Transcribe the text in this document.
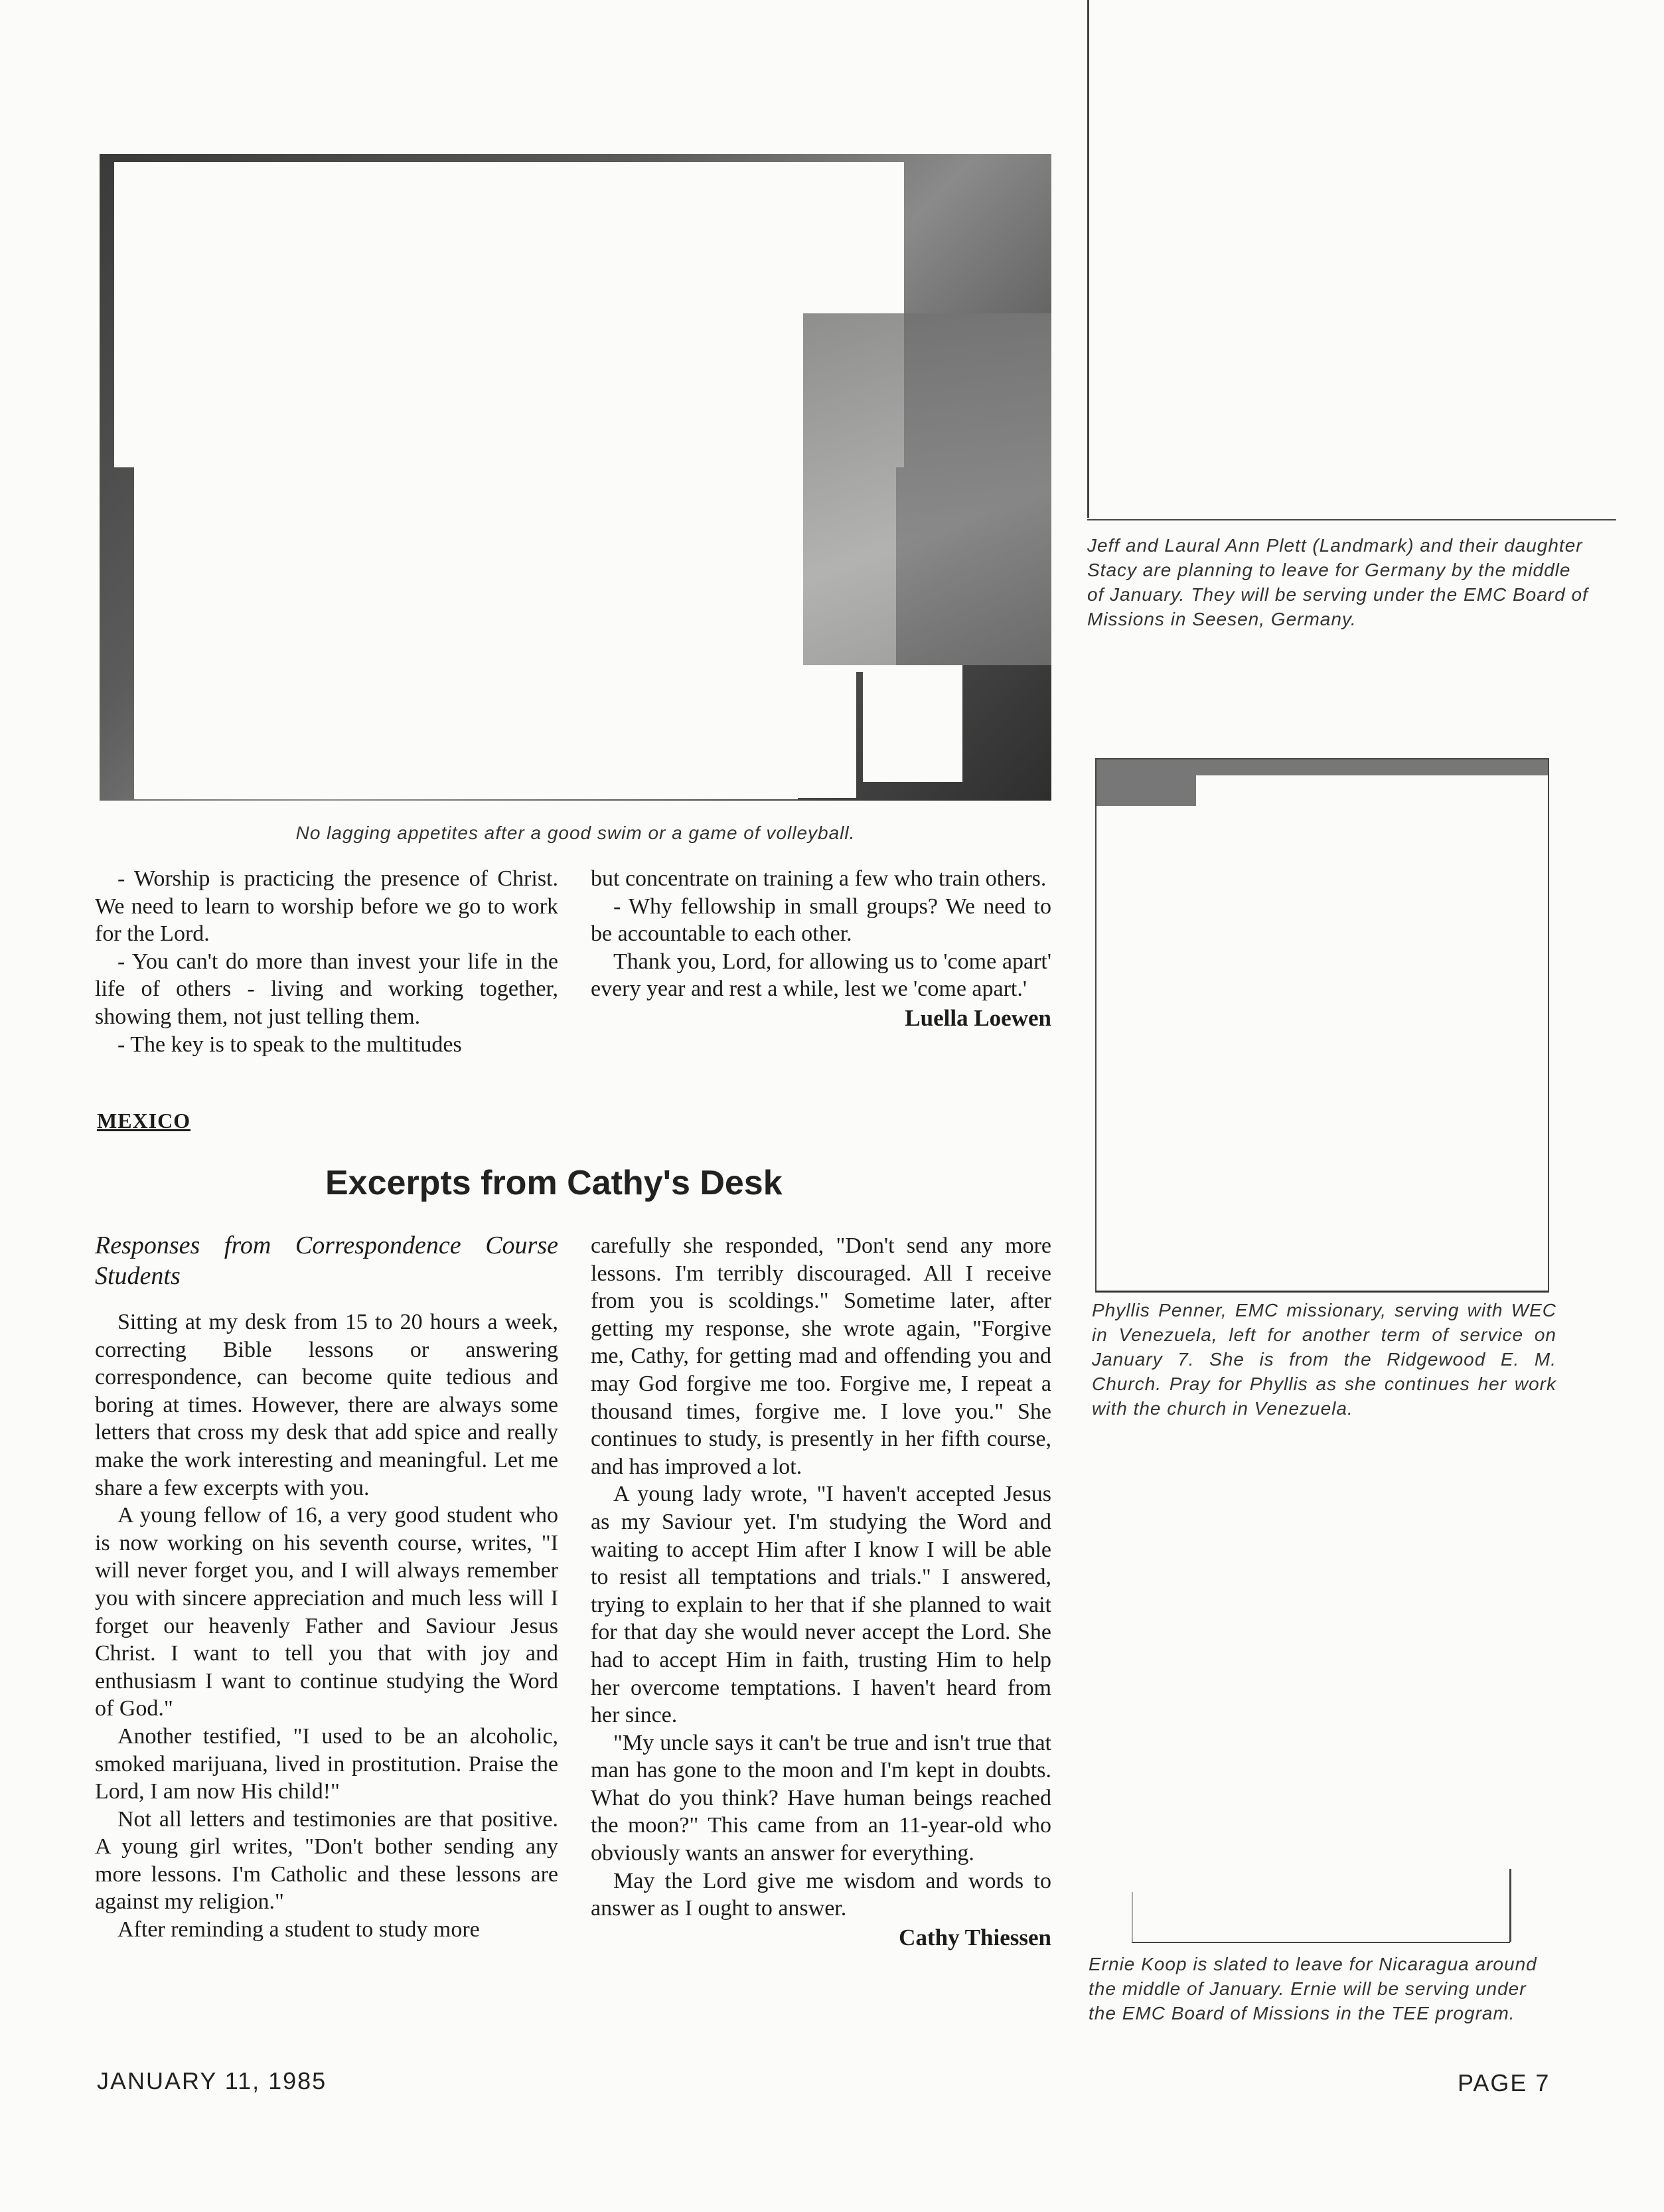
No lagging appetites after a good swim or a game of volleyball.

- Worship is practicing the presence of Christ. We need to learn to worship before we go to work for the Lord.

- You can't do more than invest your life in the life of others - living and working together, showing them, not just telling them.

- The key is to speak to the multitudes

but concentrate on training a few who train others.

- Why fellowship in small groups? We need to be accountable to each other.

Thank you, Lord, for allowing us to 'come apart' every year and rest a while, lest we 'come apart.'

Luella Loewen
MEXICO
Excerpts from Cathy's Desk
Responses from Correspondence Course Students

Sitting at my desk from 15 to 20 hours a week, correcting Bible lessons or answering correspondence, can become quite tedious and boring at times. However, there are always some letters that cross my desk that add spice and really make the work interesting and meaningful. Let me share a few excerpts with you.

A young fellow of 16, a very good student who is now working on his seventh course, writes, "I will never forget you, and I will always remember you with sincere appreciation and much less will I forget our heavenly Father and Saviour Jesus Christ. I want to tell you that with joy and enthusiasm I want to continue studying the Word of God."

Another testified, "I used to be an alcoholic, smoked marijuana, lived in prostitution. Praise the Lord, I am now His child!"

Not all letters and testimonies are that positive. A young girl writes, "Don't bother sending any more lessons. I'm Catholic and these lessons are against my religion."

After reminding a student to study more

carefully she responded, "Don't send any more lessons. I'm terribly discouraged. All I receive from you is scoldings." Sometime later, after getting my response, she wrote again, "Forgive me, Cathy, for getting mad and offending you and may God forgive me too. Forgive me, I repeat a thousand times, forgive me. I love you." She continues to study, is presently in her fifth course, and has improved a lot.

A young lady wrote, "I haven't accepted Jesus as my Saviour yet. I'm studying the Word and waiting to accept Him after I know I will be able to resist all temptations and trials." I answered, trying to explain to her that if she planned to wait for that day she would never accept the Lord. She had to accept Him in faith, trusting Him to help her overcome temptations. I haven't heard from her since.

"My uncle says it can't be true and isn't true that man has gone to the moon and I'm kept in doubts. What do you think? Have human beings reached the moon?" This came from an 11-year-old who obviously wants an answer for everything.

May the Lord give me wisdom and words to answer as I ought to answer.

Cathy Thiessen
Jeff and Laural Ann Plett (Landmark) and their daughter Stacy are planning to leave for Germany by the middle of January. They will be serving under the EMC Board of Missions in Seesen, Germany.
Phyllis Penner, EMC missionary, serving with WEC in Venezuela, left for another term of service on January 7. She is from the Ridgewood E. M. Church. Pray for Phyllis as she continues her work with the church in Venezuela.
Ernie Koop is slated to leave for Nicaragua around the middle of January. Ernie will be serving under the EMC Board of Missions in the TEE program.
JANUARY 11, 1985	PAGE 7
